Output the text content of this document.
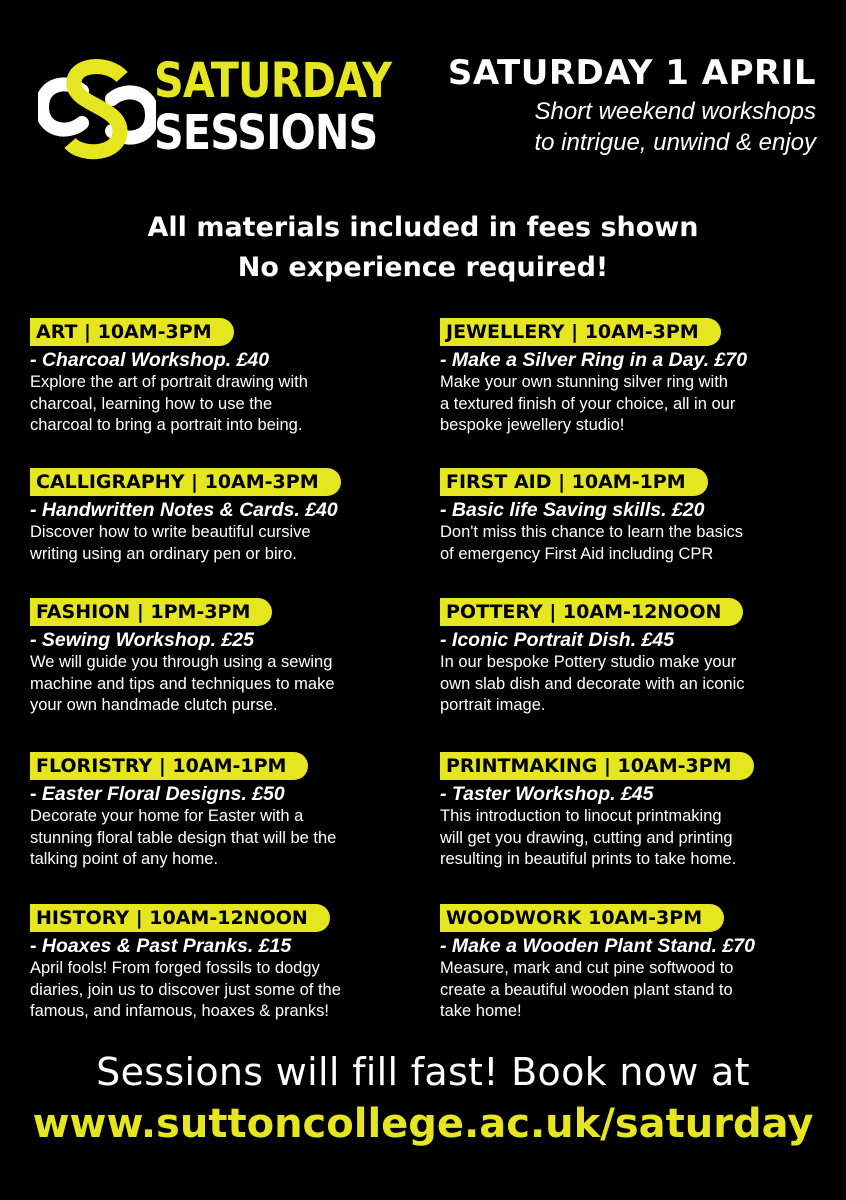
SATURDAY
SESSIONS
SATURDAY 1 APRIL
Short weekend workshops
to intrigue, unwind & enjoy
All materials included in fees shown
No experience required!
ART | 10AM-3PM
- Charcoal Workshop. £40
Explore the art of portrait drawing with
charcoal, learning how to use the
charcoal to bring a portrait into being.
CALLIGRAPHY | 10AM-3PM
- Handwritten Notes & Cards. £40
Discover how to write beautiful cursive
writing using an ordinary pen or biro.
FASHION | 1PM-3PM
- Sewing Workshop. £25
We will guide you through using a sewing
machine and tips and techniques to make
your own handmade clutch purse.
FLORISTRY | 10AM-1PM
- Easter Floral Designs. £50
Decorate your home for Easter with a
stunning floral table design that will be the
talking point of any home.
HISTORY | 10AM-12NOON
- Hoaxes & Past Pranks. £15
April fools! From forged fossils to dodgy
diaries, join us to discover just some of the
famous, and infamous, hoaxes & pranks!
JEWELLERY | 10AM-3PM
- Make a Silver Ring in a Day. £70
Make your own stunning silver ring with
a textured finish of your choice, all in our
bespoke jewellery studio!
FIRST AID | 10AM-1PM
- Basic life Saving skills. £20
Don't miss this chance to learn the basics
of emergency First Aid including CPR
POTTERY | 10AM-12NOON
- Iconic Portrait Dish. £45
In our bespoke Pottery studio make your
own slab dish and decorate with an iconic
portrait image.
PRINTMAKING | 10AM-3PM
- Taster Workshop. £45
This introduction to linocut printmaking
will get you drawing, cutting and printing
resulting in beautiful prints to take home.
WOODWORK 10AM-3PM
- Make a Wooden Plant Stand. £70
Measure, mark and cut pine softwood to
create a beautiful wooden plant stand to
take home!
Sessions will fill fast! Book now at
www.suttoncollege.ac.uk/saturday
